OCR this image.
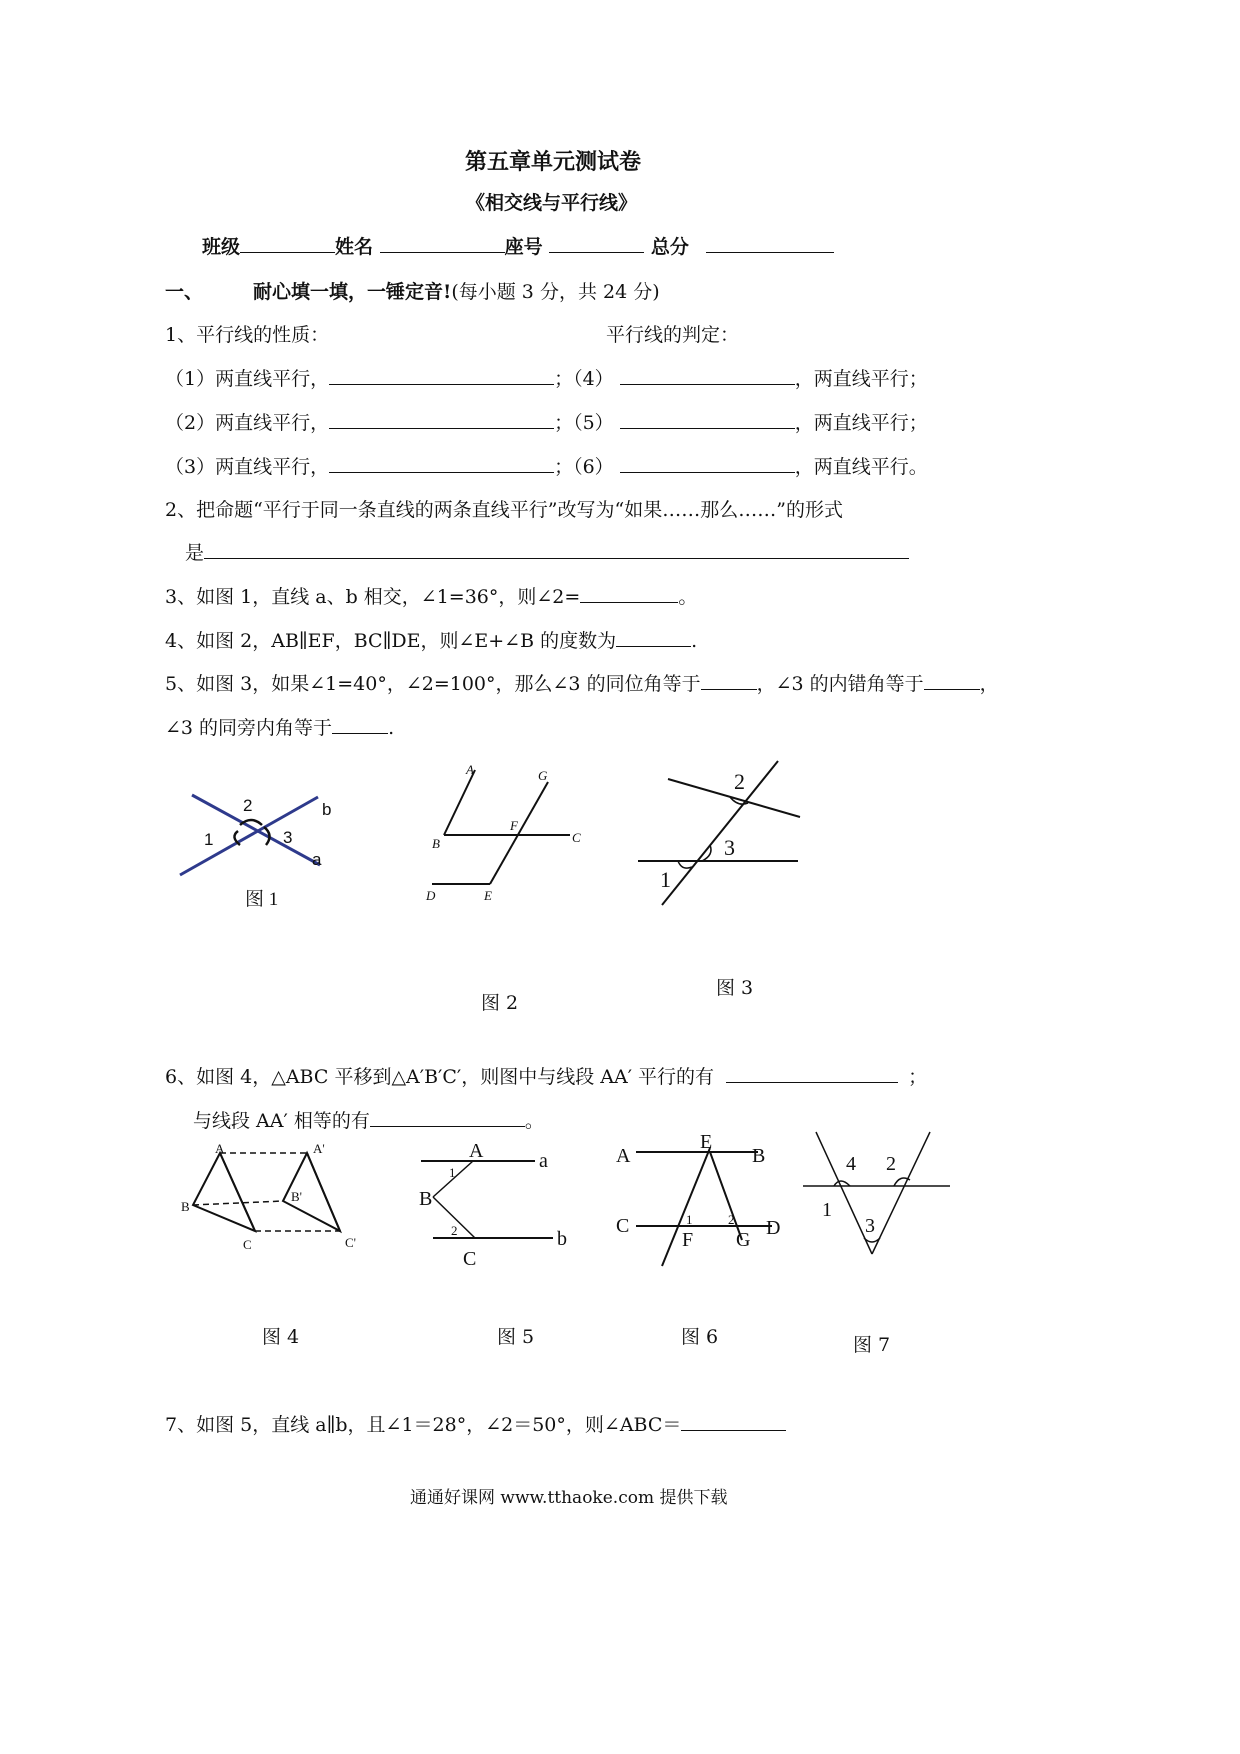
第五章单元测试卷
《相交线与平行线》
班级	姓名	座号	总分
一、	耐心填一填，一锤定音!(每小题 3 分，共 24 分)
1、平行线的性质：	平行线的判定：
（1）两直线平行，	；（4）	，两直线平行；
（2）两直线平行，	；（5）	，两直线平行；
（3）两直线平行，	；（6）	，两直线平行。
2、把命题“平行于同一条直线的两条直线平行”改写为“如果……那么……”的形式
是
3、如图 1，直线 a、b 相交，∠1=36°，则∠2=	。
4、如图 2，AB∥EF，BC∥DE，则∠E+∠B 的度数为	.
5、如图 3，如果∠1=40°，∠2=100°，那么∠3 的同位角等于	，∠3 的内错角等于	，
∠3 的同旁内角等于	.
2
1	3
b
a
图 1
A	G
F
B	C
D	E
图 2
2
3
1
图 3
6、如图 4，△ABC 平移到△A′B′C′，则图中与线段 AA′ 平行的有	；
与线段 AA′ 相等的有	。
A	A'
B
B'
C	C'
图 4
A	a
1
B
2
C
b
图 5
A
E
B
C	1	2 D
F G
图 6
4 2
1
3
图 7
7、如图 5，直线 a∥b，且∠1＝28°，∠2＝50°，则∠ABC＝
通通好课网 www.tthaoke.com 提供下载
